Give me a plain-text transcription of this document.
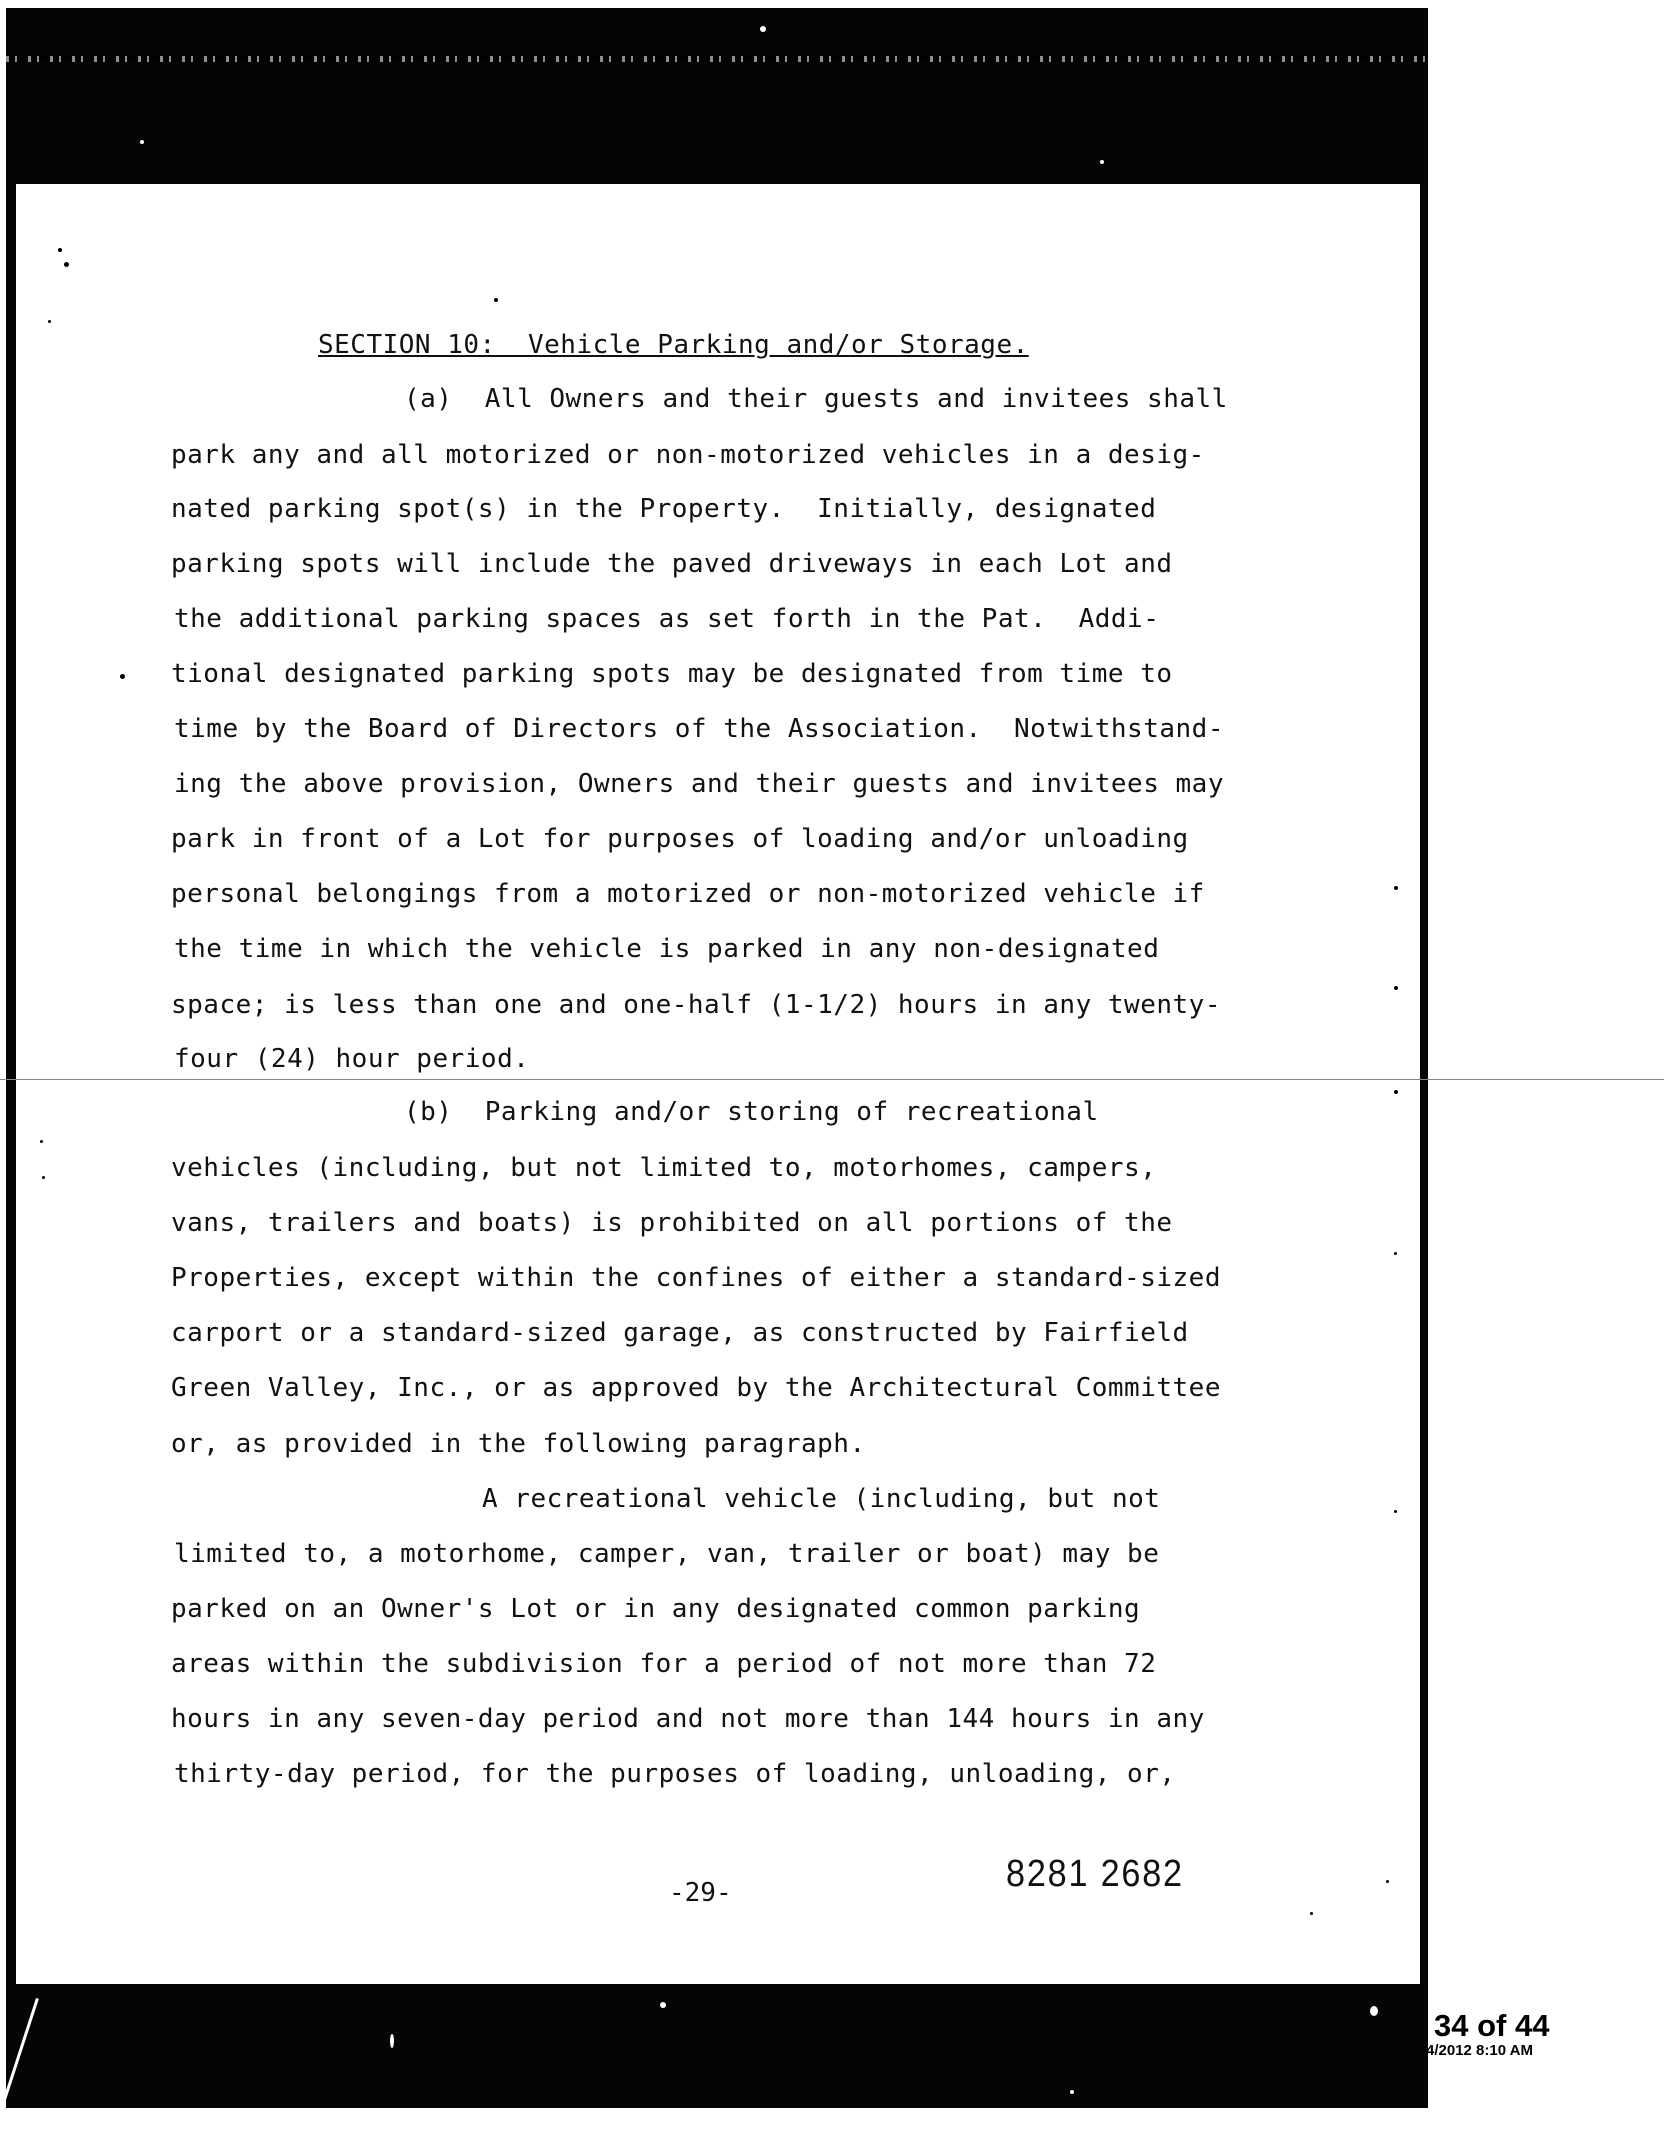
SECTION 10:  Vehicle Parking and/or Storage.

(a)  All Owners and their guests and invitees shall

park any and all motorized or non-motorized vehicles in a desig-

nated parking spot(s) in the Property.  Initially, designated

parking spots will include the paved driveways in each Lot and

the additional parking spaces as set forth in the Pat.  Addi-

tional designated parking spots may be designated from time to

time by the Board of Directors of the Association.  Notwithstand-

ing the above provision, Owners and their guests and invitees may

park in front of a Lot for purposes of loading and/or unloading

personal belongings from a motorized or non-motorized vehicle if

the time in which the vehicle is parked in any non-designated

space; is less than one and one-half (1-1/2) hours in any twenty-

four (24) hour period.

(b)  Parking and/or storing of recreational

vehicles (including, but not limited to, motorhomes, campers,

vans, trailers and boats) is prohibited on all portions of the

Properties, except within the confines of either a standard-sized

carport or a standard-sized garage, as constructed by Fairfield

Green Valley, Inc., or as approved by the Architectural Committee

or, as provided in the following paragraph.

A recreational vehicle (including, but not

limited to, a motorhome, camper, van, trailer or boat) may be

parked on an Owner's Lot or in any designated common parking

areas within the subdivision for a period of not more than 72

hours in any seven-day period and not more than 144 hours in any

thirty-day period, for the purposes of loading, unloading, or,

-29-	8281 2682
34 of 44
4/2012 8:10 AM
